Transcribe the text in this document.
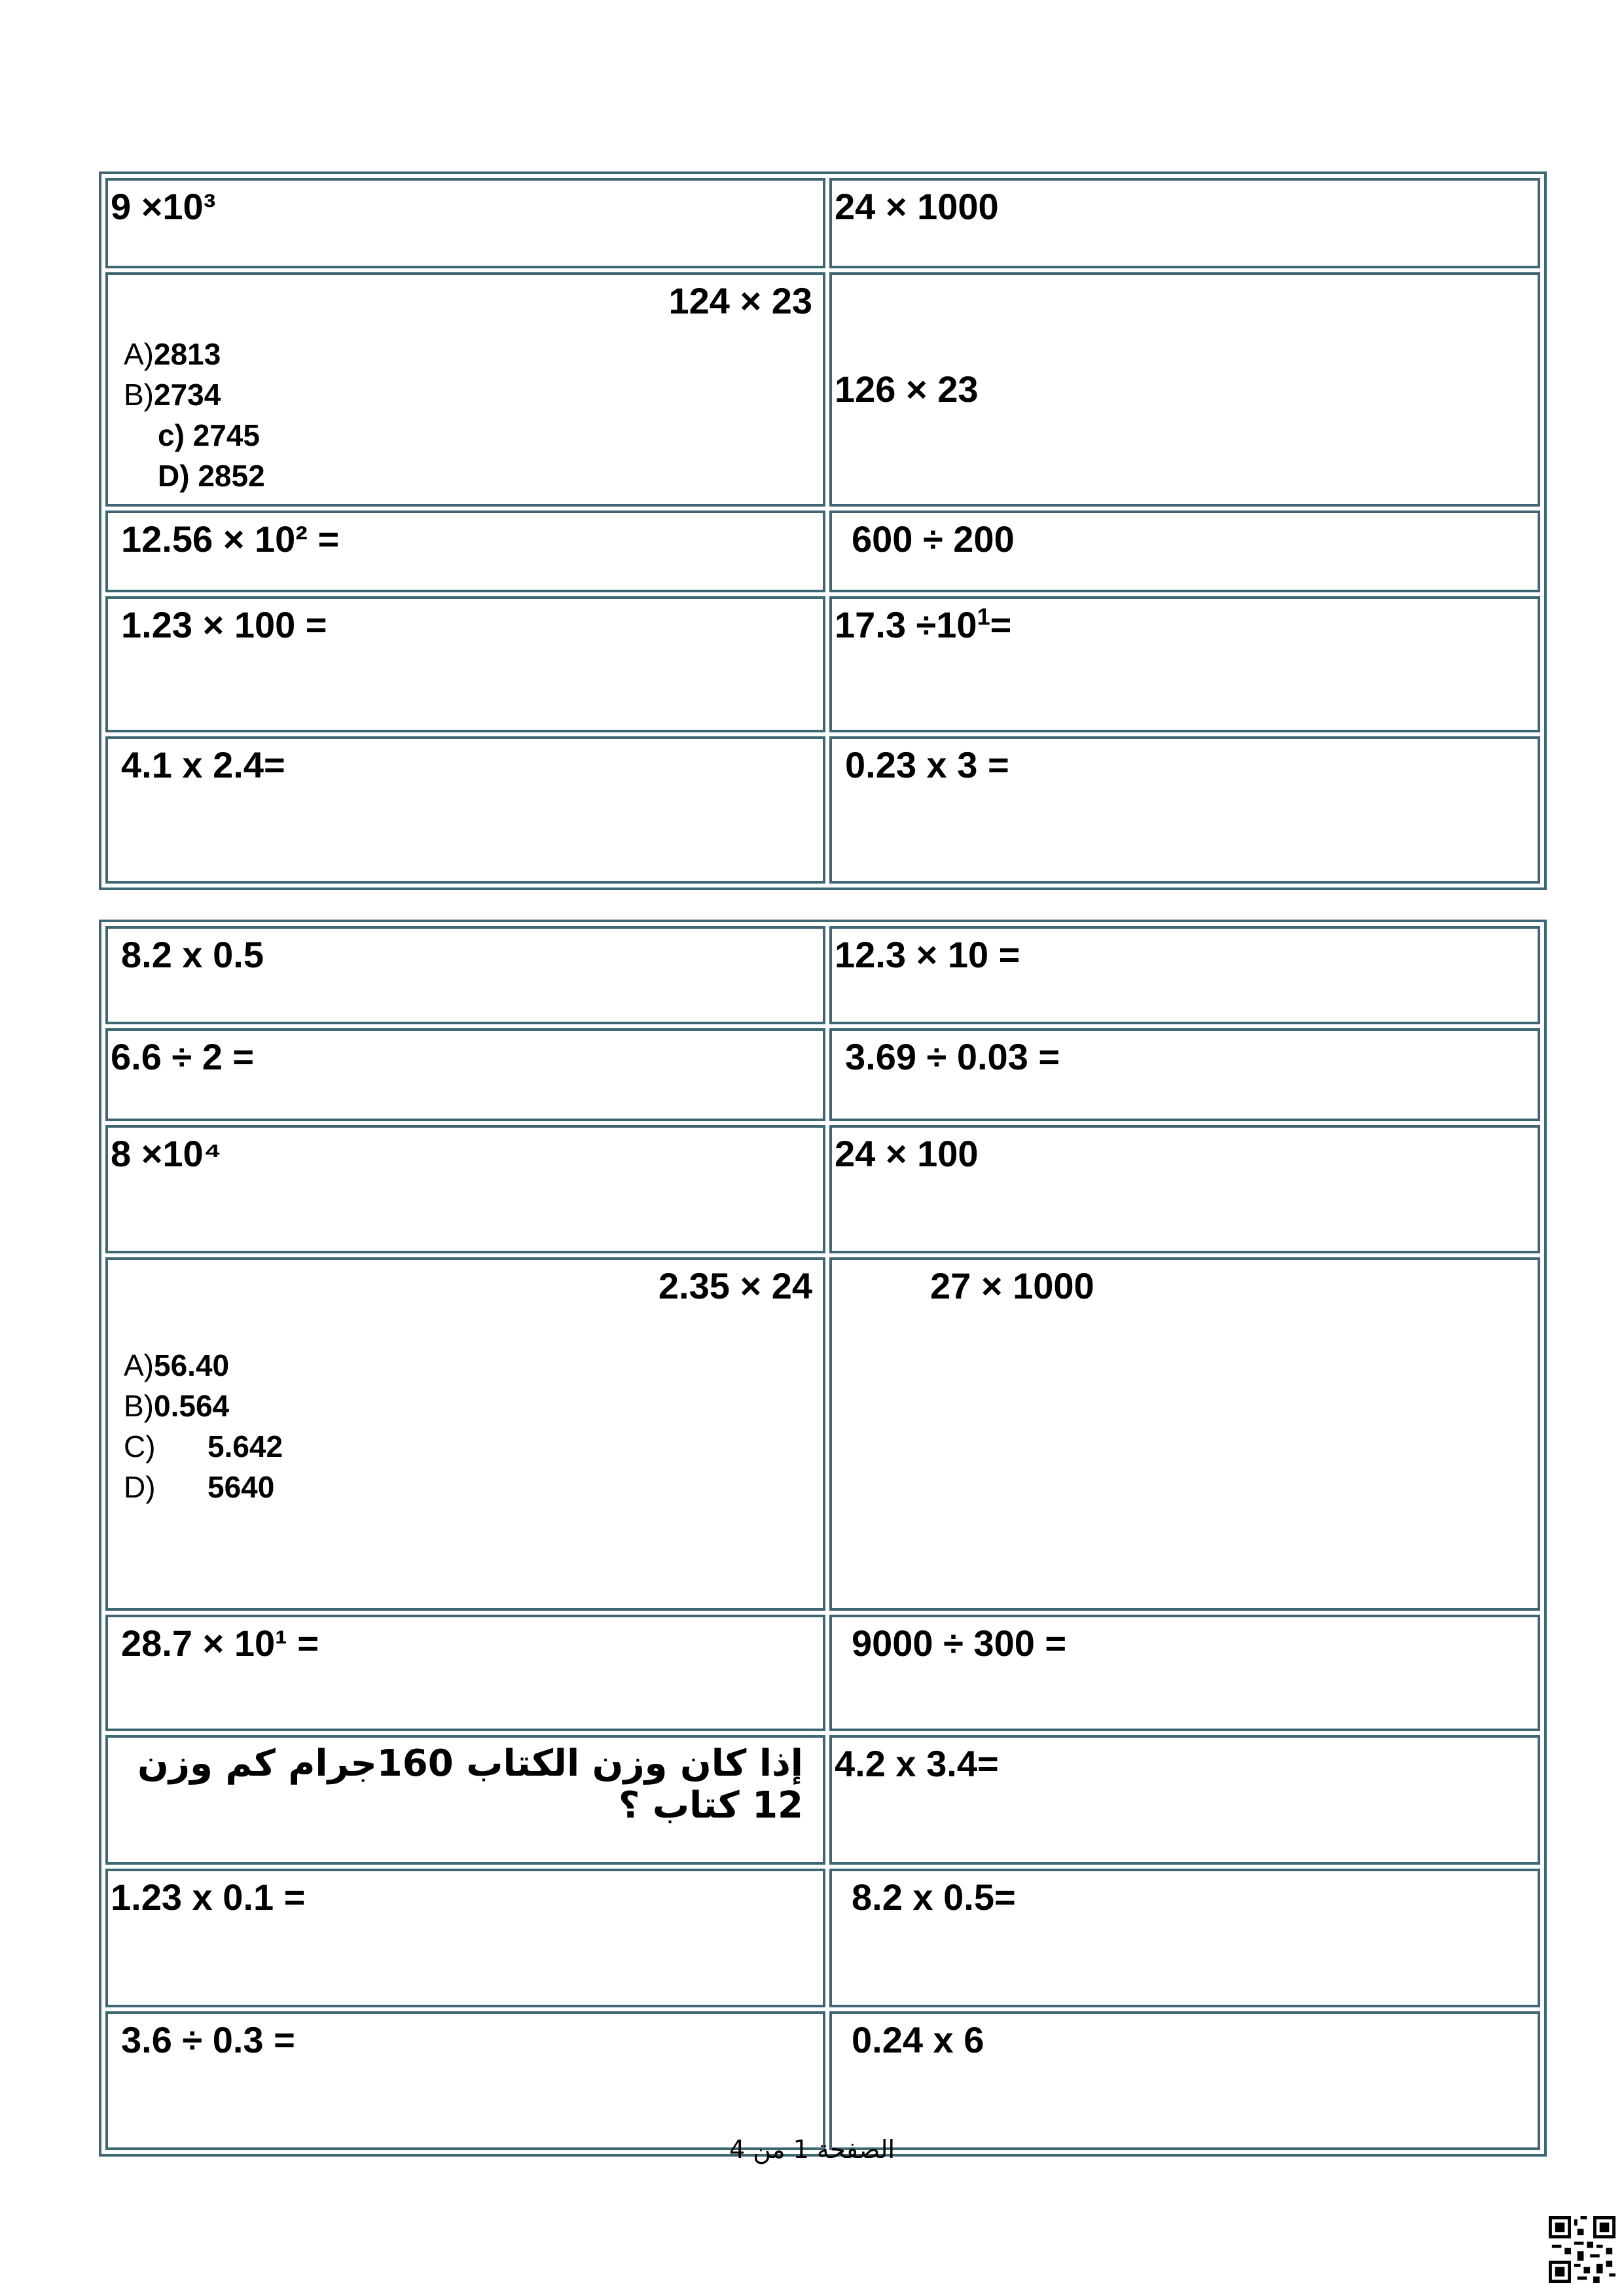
9 ×10³	24 × 1000

124 × 23
A)2813
B)2734
c) 2745
D) 2852	126 × 23
12.56 × 10² =	600 ÷ 200
1.23 × 100 =	$17.3 \div 10^1=$
4.1 x 2.4=	0.23 x 3 =
8.2 x 0.5	12.3 × 10 =
6.6 ÷ 2 =	3.69 ÷ 0.03 =
8 ×10⁴	24 × 100

2.35 × 24
A)56.40
B)0.564
C) 5.642
D) 5640	27 × 1000
28.7 × 10¹ =	9000 ÷ 300 =
إذا كان وزن الكتاب 160جرام كم وزن 12 كتاب ؟	4.2 x 3.4=
1.23 x 0.1 =	8.2 x 0.5=
3.6 ÷ 0.3 =	0.24 x 6
الصفحة 1 من 4
